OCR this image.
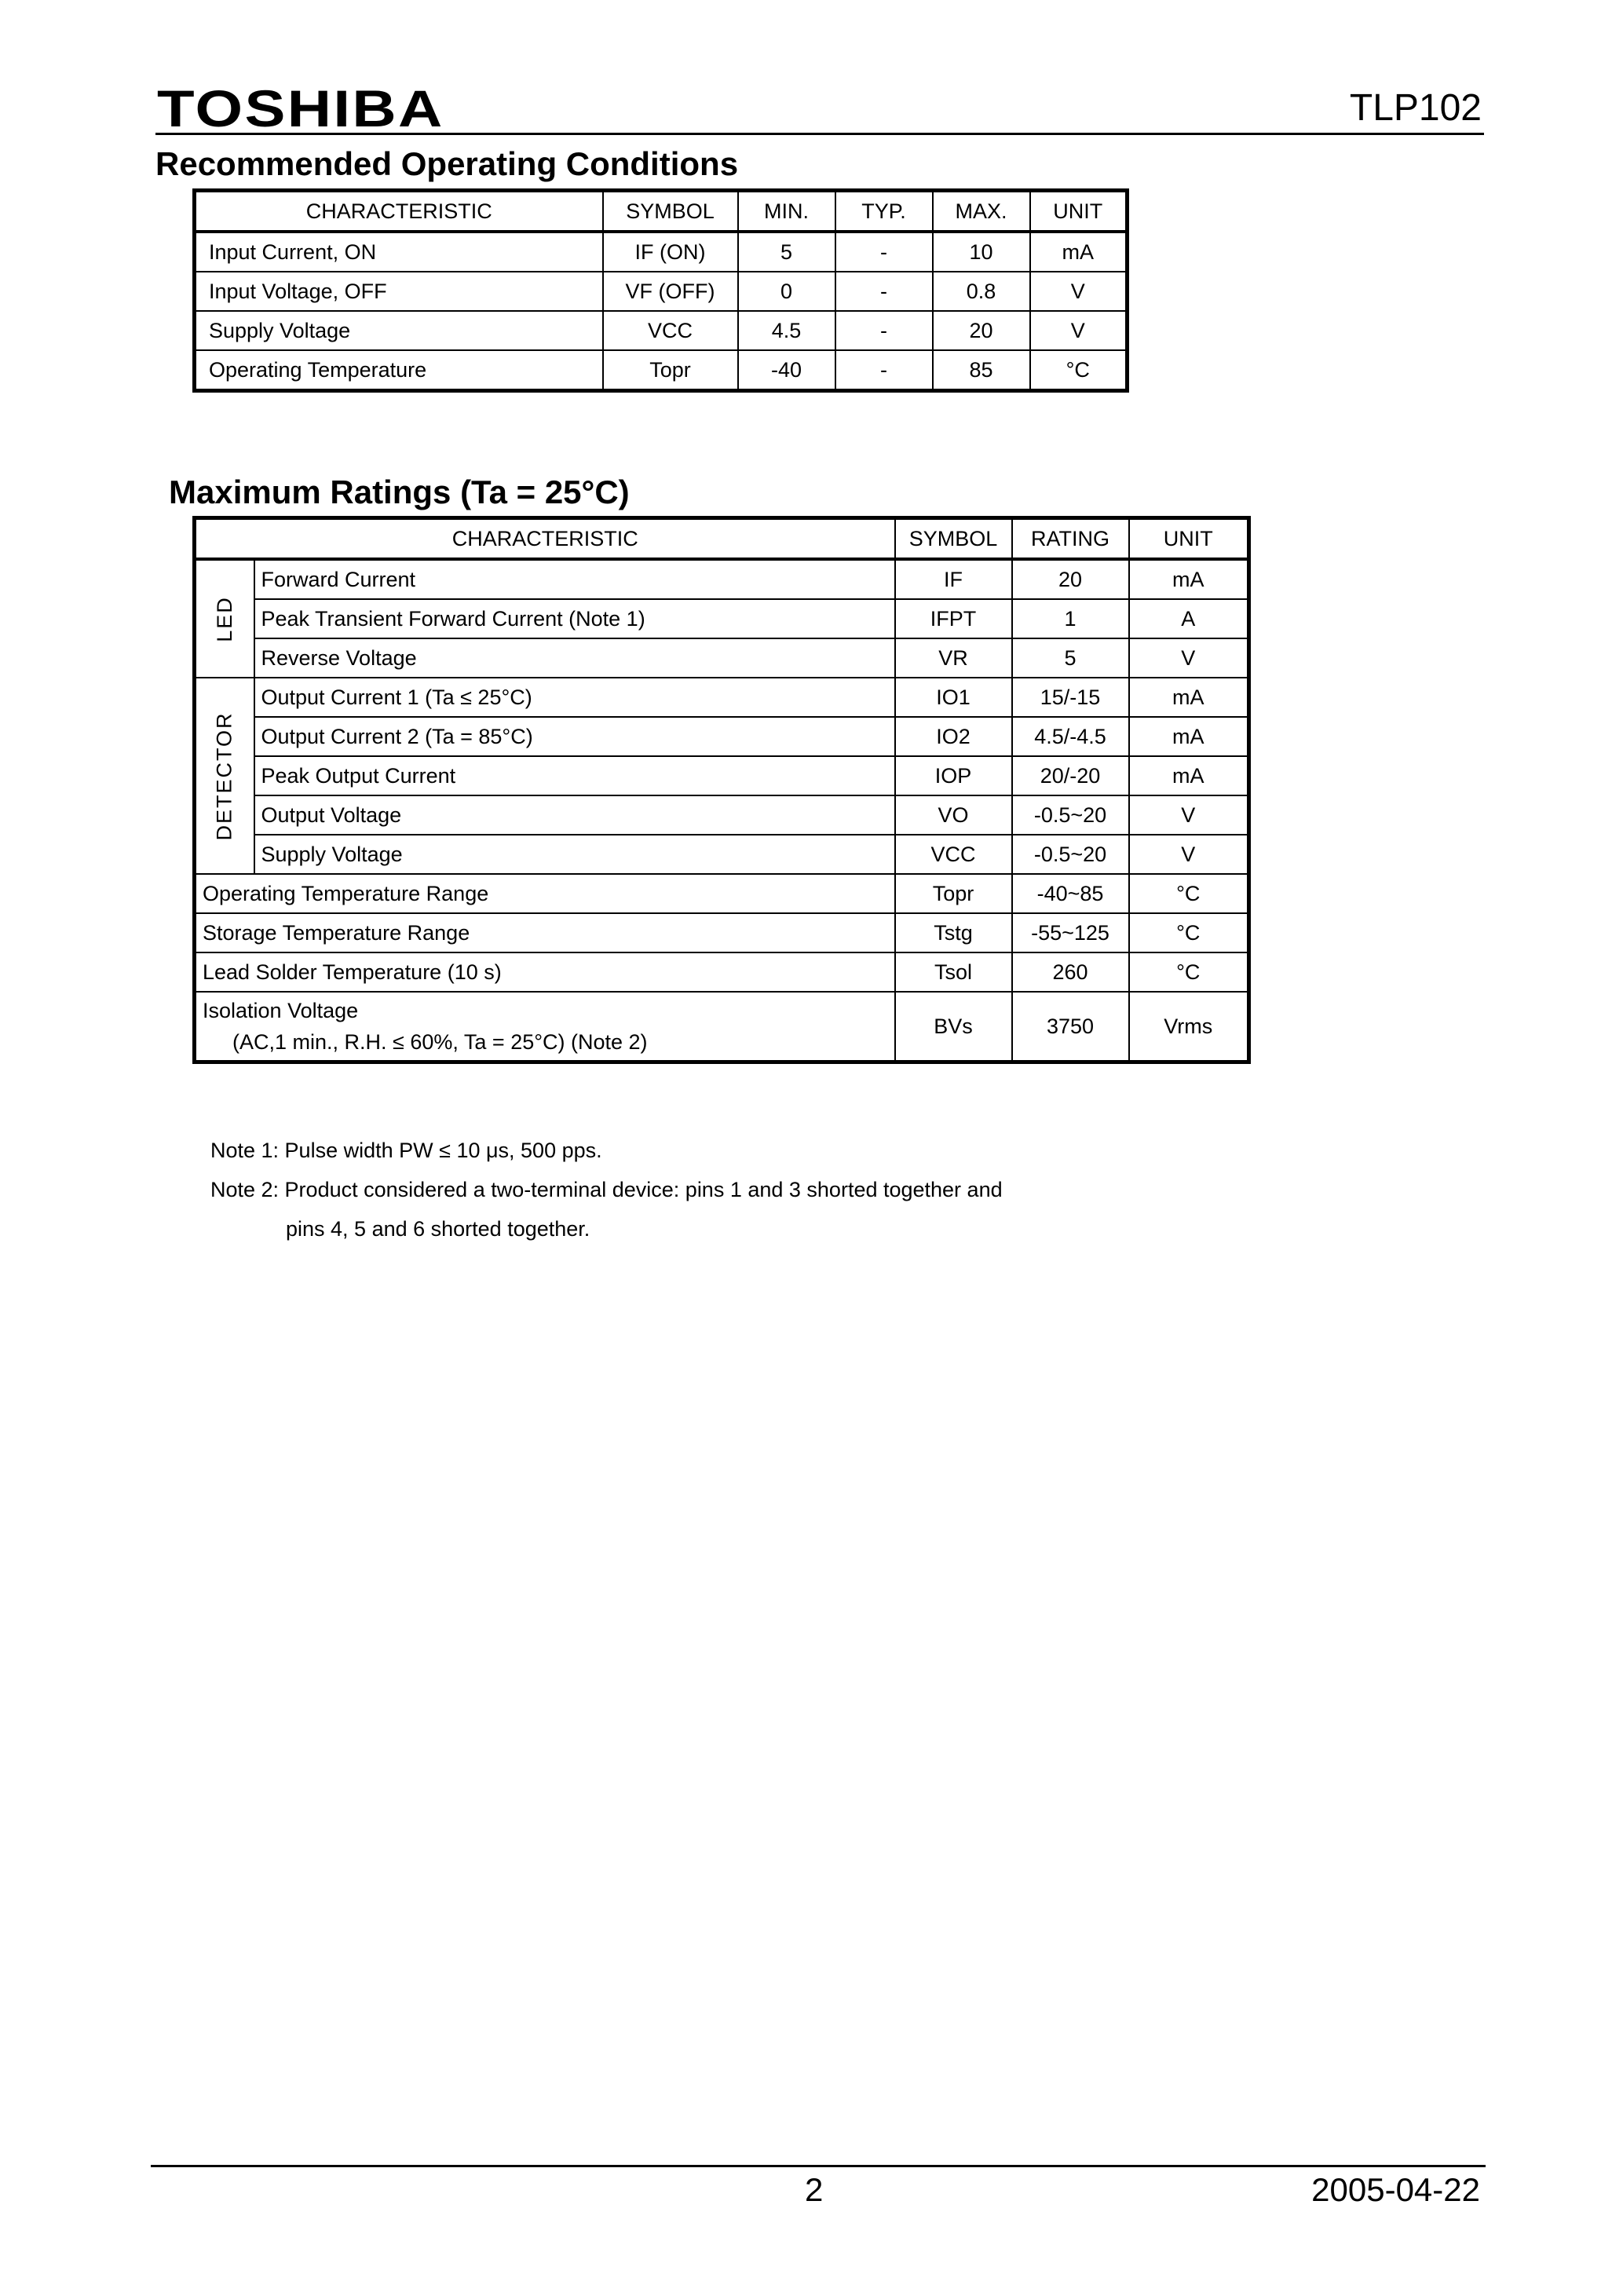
TOSHIBA	TLP102
Recommended Operating Conditions
CHARACTERISTIC	SYMBOL	MIN.	TYP.	MAX.	UNIT
Input Current, ON	IF (ON)	5	-	10	mA
Input Voltage, OFF	VF (OFF)	0	-	0.8	V
Supply Voltage	VCC	4.5	-	20	V
Operating Temperature	Topr	-40	-	85	°C
Maximum Ratings (Ta = 25°C)
CHARACTERISTIC		SYMBOL	RATING	UNIT

LED	Forward Current	IF	20	mA
	Peak Transient Forward Current (Note 1)	IFPT	1	A
	Reverse Voltage	VR	5	V

DETECTOR	Output Current 1 (Ta ≤ 25°C)	IO1	15/-15	mA
	Output Current 2 (Ta = 85°C)	IO2	4.5/-4.5	mA
	Peak Output Current	IOP	20/-20	mA
	Output Voltage	VO	-0.5~20	V
	Supply Voltage	VCC	-0.5~20	V
Operating Temperature Range		Topr	-40~85	°C
Storage Temperature Range		Tstg	-55~125	°C
Lead Solder Temperature (10 s)		Tsol	260	°C

Isolation Voltage
(AC,1 min., R.H. ≤ 60%, Ta = 25°C) (Note 2)		BVs	3750	Vrms
Note 1: Pulse width PW ≤ 10 μs, 500 pps.
Note 2: Product considered a two-terminal device: pins 1 and 3 shorted together and
pins 4, 5 and 6 shorted together.
2	2005-04-22
